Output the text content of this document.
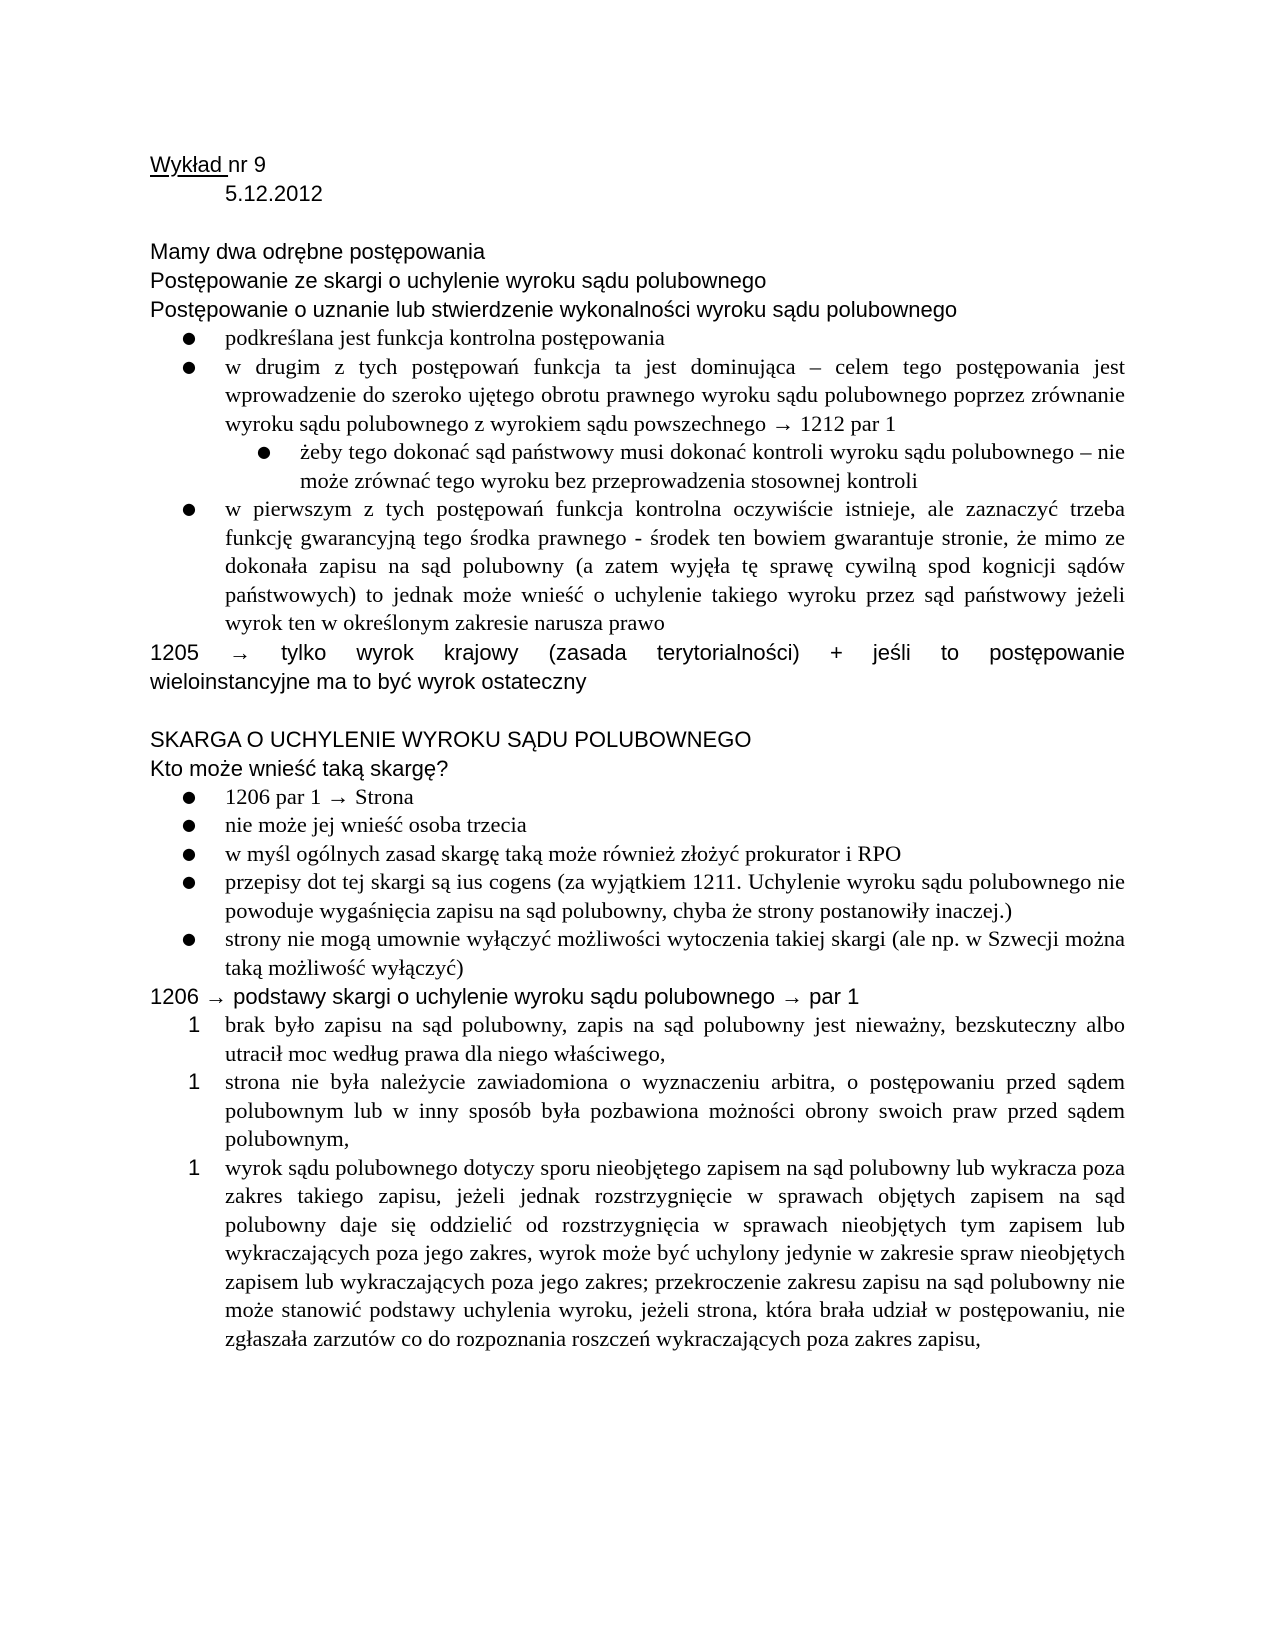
Wykład nr 9

5.12.2012

Mamy dwa odrębne postępowania

Postępowanie ze skargi o uchylenie wyroku sądu polubownego

Postępowanie o uznanie lub stwierdzenie wykonalności wyroku sądu polubownego

● podkreślana jest funkcja kontrolna postępowania
● w drugim z tych postępowań funkcja ta jest dominująca – celem tego postępowania jest wprowadzenie do szeroko ujętego obrotu prawnego wyroku sądu polubownego poprzez zrównanie wyroku sądu polubownego z wyrokiem sądu powszechnego → 1212 par 1
● żeby tego dokonać sąd państwowy musi dokonać kontroli wyroku sądu polubownego – nie może zrównać tego wyroku bez przeprowadzenia stosownej kontroli
● w pierwszym z tych postępowań funkcja kontrolna oczywiście istnieje, ale zaznaczyć trzeba funkcję gwarancyjną tego środka prawnego - środek ten bowiem gwarantuje stronie, że mimo ze dokonała zapisu na sąd polubowny (a zatem wyjęła tę sprawę cywilną spod kognicji sądów państwowych) to jednak może wnieść o uchylenie takiego wyroku przez sąd państwowy jeżeli wyrok ten w określonym zakresie narusza prawo

1205 → tylko wyrok krajowy (zasada terytorialności) + jeśli to postępowanie

wieloinstancyjne ma to być wyrok ostateczny

SKARGA O UCHYLENIE WYROKU SĄDU POLUBOWNEGO

Kto może wnieść taką skargę?

● 1206 par 1 → Strona
● nie może jej wnieść osoba trzecia
● w myśl ogólnych zasad skargę taką może również złożyć prokurator i RPO
● przepisy dot tej skargi są ius cogens (za wyjątkiem 1211. Uchylenie wyroku sądu polubownego nie powoduje wygaśnięcia zapisu na sąd polubowny, chyba że strony postanowiły inaczej.)
● strony nie mogą umownie wyłączyć możliwości wytoczenia takiej skargi (ale np. w Szwecji można taką możliwość wyłączyć)

1206 → podstawy skargi o uchylenie wyroku sądu polubownego → par 1

1 brak było zapisu na sąd polubowny, zapis na sąd polubowny jest nieważny, bezskuteczny albo utracił moc według prawa dla niego właściwego,
1 strona nie była należycie zawiadomiona o wyznaczeniu arbitra, o postępowaniu przed sądem polubownym lub w inny sposób była pozbawiona możności obrony swoich praw przed sądem polubownym,
1 wyrok sądu polubownego dotyczy sporu nieobjętego zapisem na sąd polubowny lub wykracza poza zakres takiego zapisu, jeżeli jednak rozstrzygnięcie w sprawach objętych zapisem na sąd polubowny daje się oddzielić od rozstrzygnięcia w sprawach nieobjętych tym zapisem lub wykraczających poza jego zakres, wyrok może być uchylony jedynie w zakresie spraw nieobjętych zapisem lub wykraczających poza jego zakres; przekroczenie zakresu zapisu na sąd polubowny nie może stanowić podstawy uchylenia wyroku, jeżeli strona, która brała udział w postępowaniu, nie zgłaszała zarzutów co do rozpoznania roszczeń wykraczających poza zakres zapisu,
